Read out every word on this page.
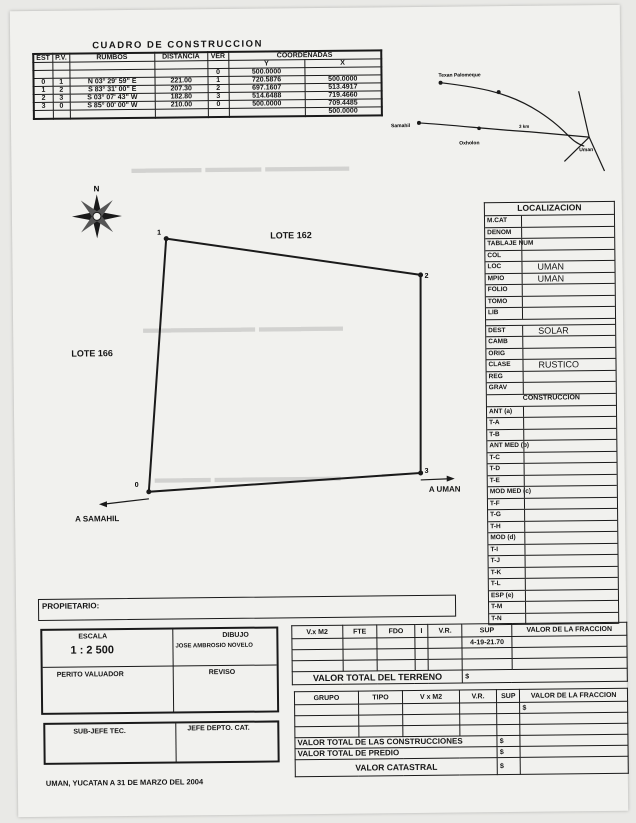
▬▬▬▬▬ ▬▬▬▬ ▬▬▬▬▬▬
▬▬▬▬▬▬▬▬ ▬▬▬▬▬▬
▬▬▬▬ ▬▬▬▬▬▬▬▬▬
CUADRO DE CONSTRUCCION
EST	P.V.	RUMBOS	DISTANCIA	VER	COORDENADAS	
					Y	X
				0	500.0000	
0	1	N 03° 29' 59" E	221.00	1	720.5876	500.0000
1	2	S 83° 31' 00" E	207.30	2	697.1607	513.4917
2	3	S 03° 07' 43" W	182.80	3	514.6488	719.4660
3	0	S 85° 00' 00" W	210.00	0	500.0000	709.4485
						500.0000
Texan Palomeque
Samahil
Oxholon
Uman
3 km
N
1
2
3
0
LOTE 162
LOTE 166
A UMAN
A SAMAHIL
LOCALIZACION
M.CAT
DENOM
TABLAJE NUM
COL
LOC	UMAN
MPIO	UMAN
FOLIO
TOMO
LIB
DEST	SOLAR
CAMB
ORIG
CLASE	RUSTICO
REG
GRAV
CONSTRUCCION
ANT (a)
T-A
T-B
ANT MED (b)
T-C
T-D
T-E
MOD MED (c)
T-F
T-G
T-H
MOD (d)
T-I
T-J
T-K
T-L
ESP (e)
T-M
T-N
PROPIETARIO:
ESCALA
1 : 2 500
DIBUJO
JOSE AMBROSIO NOVELO
PERITO VALUADOR	REVISO
SUB-JEFE TEC.	JEFE DEPTO. CAT.
V.x M2	FTE	FDO	I	V.R.	SUP	VALOR DE LA FRACCION
					4-19-21.70	

VALOR TOTAL DEL TERRENO					$	
GRUPO	TIPO	V x M2	V.R.	SUP	VALOR DE LA FRACCION
					$

VALOR TOTAL DE LAS CONSTRUCCIONES				$	
VALOR TOTAL DE PREDIO				$	
VALOR CATASTRAL				$	
UMAN, YUCATAN A 31 DE MARZO DEL 2004
